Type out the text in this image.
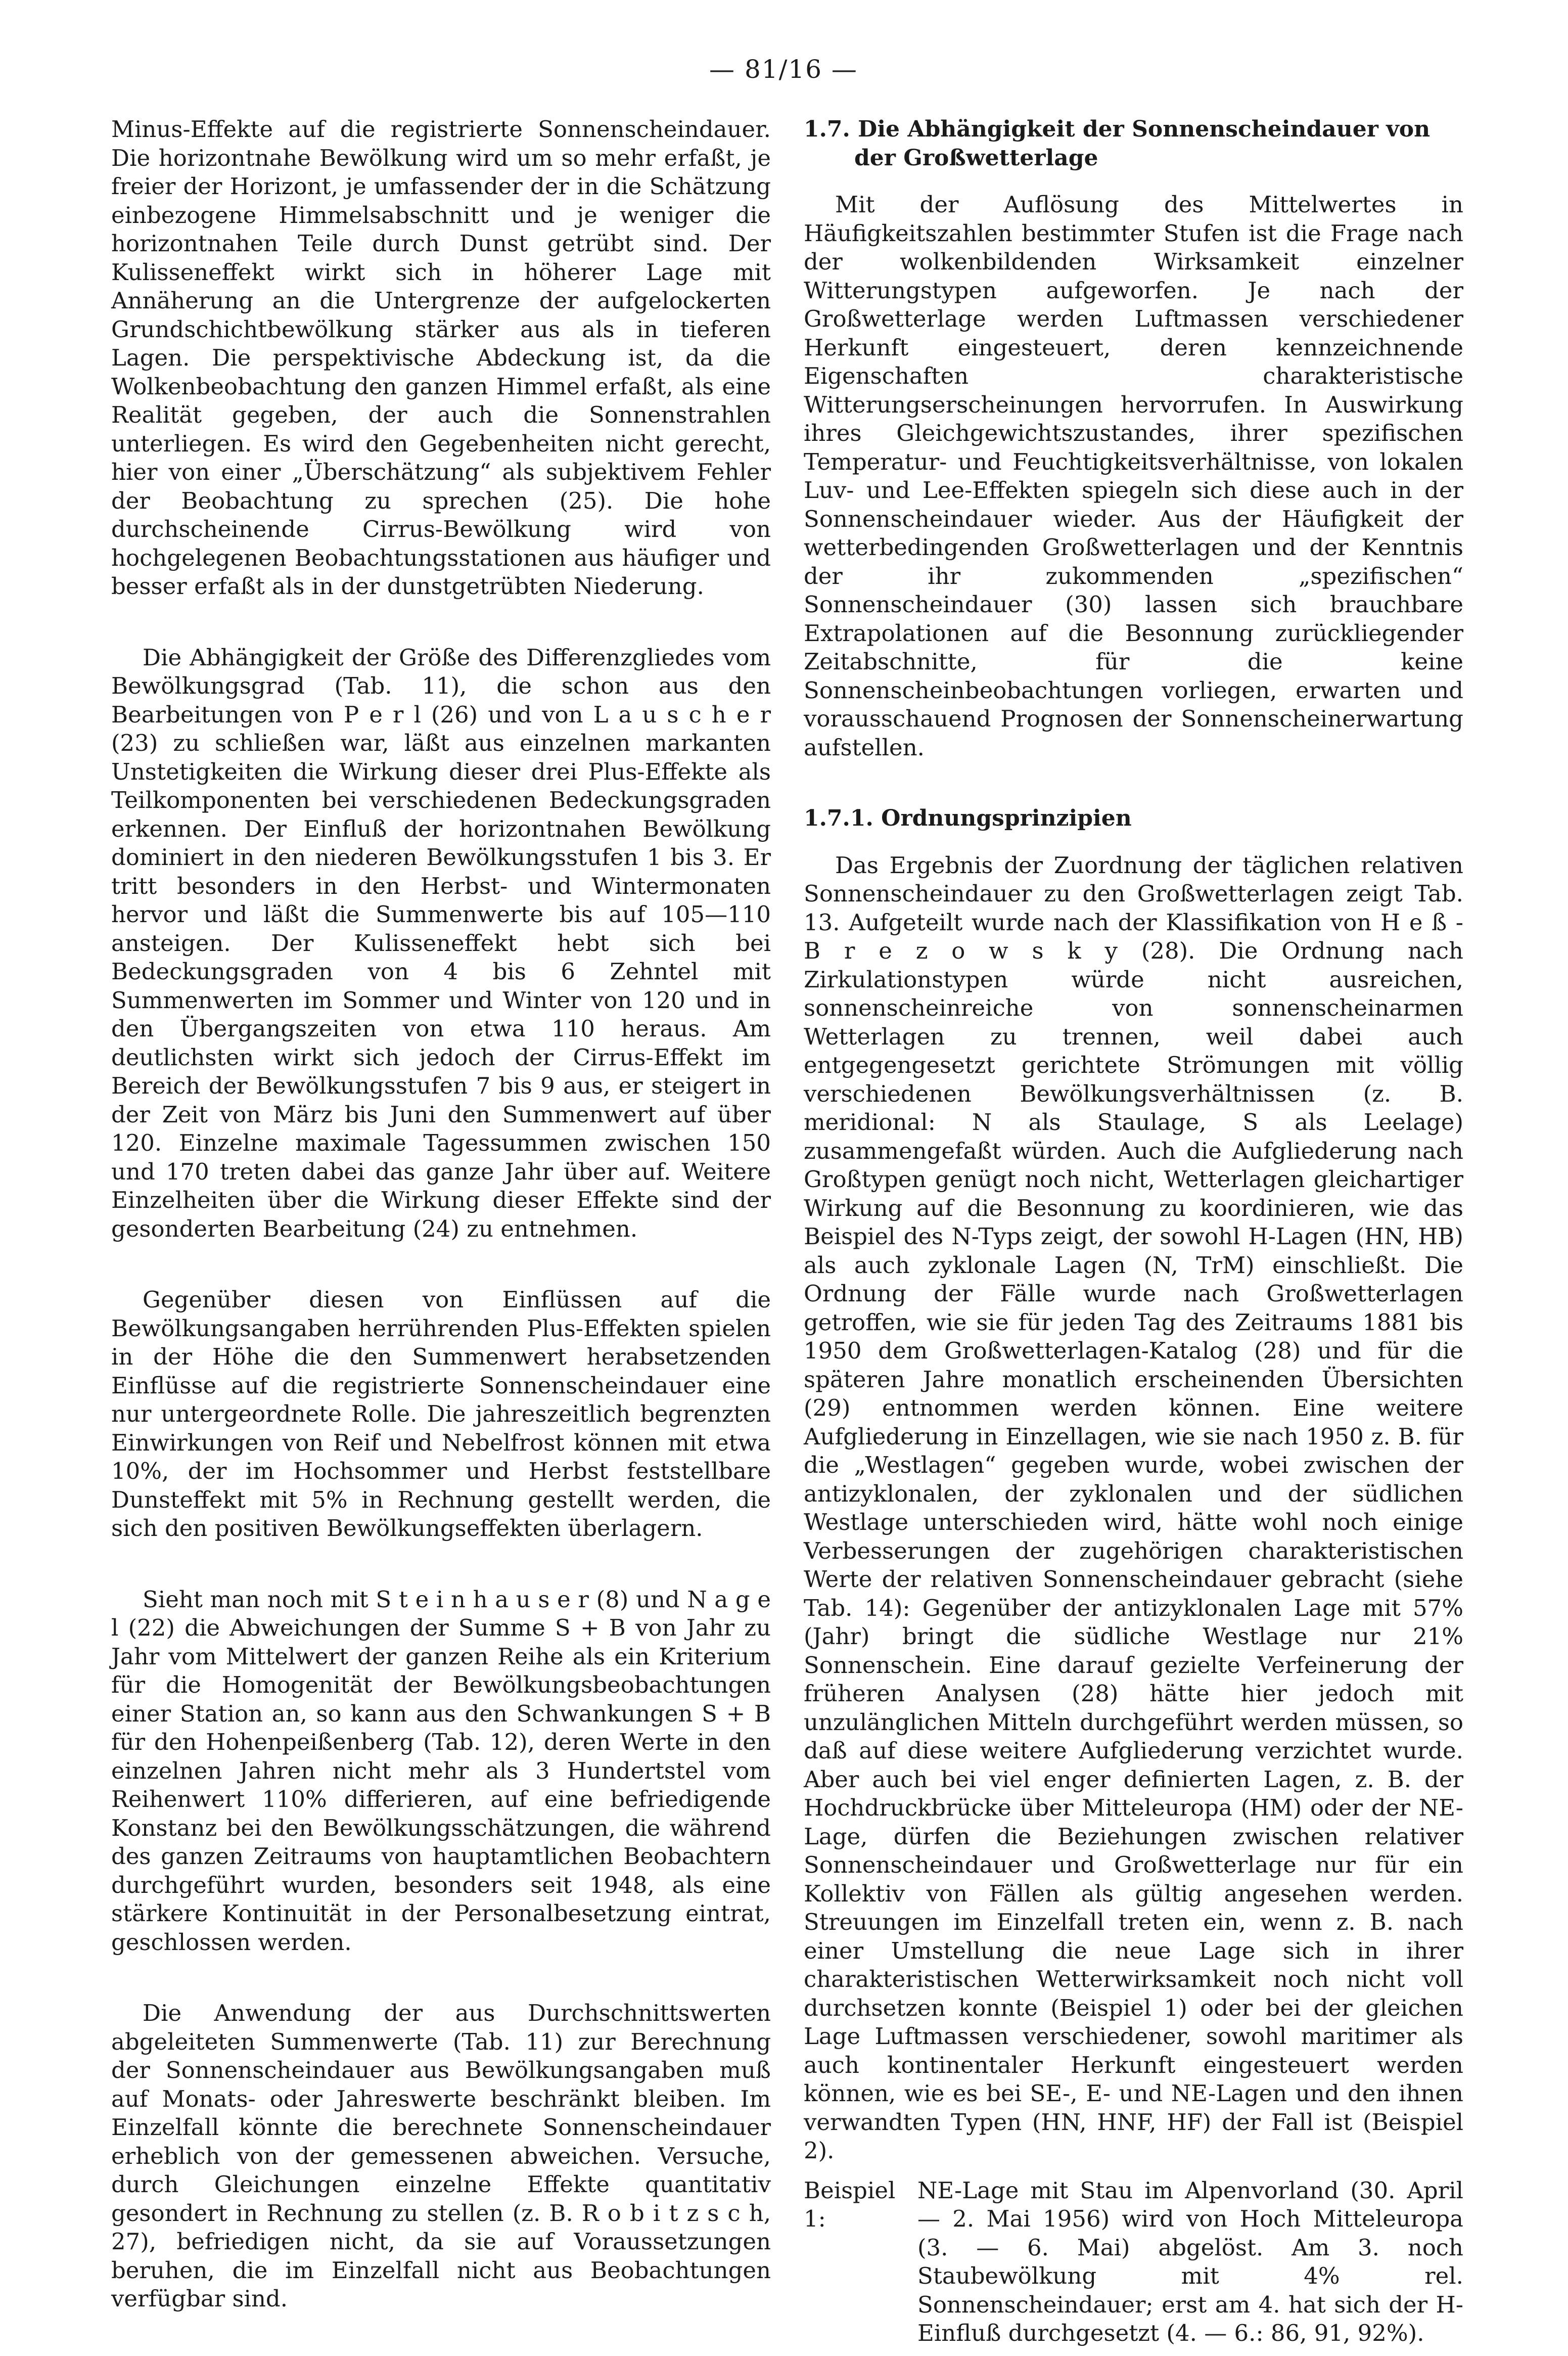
— 81/16 —

Minus-Effekte auf die registrierte Sonnenscheindauer. Die horizontnahe Bewölkung wird um so mehr erfaßt, je freier der Horizont, je umfassender der in die Schätzung einbezogene Himmelsabschnitt und je weniger die horizontnahen Teile durch Dunst getrübt sind. Der Kulisseneffekt wirkt sich in höherer Lage mit Annäherung an die Untergrenze der aufgelockerten Grundschichtbewölkung stärker aus als in tieferen Lagen. Die perspektivische Abdeckung ist, da die Wolkenbeobachtung den ganzen Himmel erfaßt, als eine Realität gegeben, der auch die Sonnenstrahlen unterliegen. Es wird den Gegebenheiten nicht gerecht, hier von einer „Überschätzung“ als subjektivem Fehler der Beobachtung zu sprechen (25). Die hohe durchscheinende Cirrus-Bewölkung wird von hochgelegenen Beobachtungsstationen aus häufiger und besser erfaßt als in der dunstgetrübten Niederung.

Die Abhängigkeit der Größe des Differenzgliedes vom Bewölkungsgrad (Tab. 11), die schon aus den Bearbeitungen von P e r l (26) und von L a u s c h e r (23) zu schließen war, läßt aus einzelnen markanten Unstetigkeiten die Wirkung dieser drei Plus-Effekte als Teilkomponenten bei verschiedenen Bedeckungsgraden erkennen. Der Einfluß der horizontnahen Bewölkung dominiert in den niederen Bewölkungsstufen 1 bis 3. Er tritt besonders in den Herbst- und Wintermonaten hervor und läßt die Summenwerte bis auf 105—110 ansteigen. Der Kulisseneffekt hebt sich bei Bedeckungsgraden von 4 bis 6 Zehntel mit Summenwerten im Sommer und Winter von 120 und in den Übergangszeiten von etwa 110 heraus. Am deutlichsten wirkt sich jedoch der Cirrus-Effekt im Bereich der Bewölkungsstufen 7 bis 9 aus, er steigert in der Zeit von März bis Juni den Summenwert auf über 120. Einzelne maximale Tagessummen zwischen 150 und 170 treten dabei das ganze Jahr über auf. Weitere Einzelheiten über die Wirkung dieser Effekte sind der gesonderten Bearbeitung (24) zu entnehmen.

Gegenüber diesen von Einflüssen auf die Bewölkungsangaben herrührenden Plus-Effekten spielen in der Höhe die den Summenwert herabsetzenden Einflüsse auf die registrierte Sonnenscheindauer eine nur untergeordnete Rolle. Die jahreszeitlich begrenzten Einwirkungen von Reif und Nebelfrost können mit etwa 10%, der im Hochsommer und Herbst feststellbare Dunsteffekt mit 5% in Rechnung gestellt werden, die sich den positiven Bewölkungseffekten überlagern.

Sieht man noch mit S t e i n h a u s e r (8) und N a g e l (22) die Abweichungen der Summe S + B von Jahr zu Jahr vom Mittelwert der ganzen Reihe als ein Kriterium für die Homogenität der Bewölkungsbeobachtungen einer Station an, so kann aus den Schwankungen S + B für den Hohenpeißenberg (Tab. 12), deren Werte in den einzelnen Jahren nicht mehr als 3 Hundertstel vom Reihenwert 110% differieren, auf eine befriedigende Konstanz bei den Bewölkungsschätzungen, die während des ganzen Zeitraums von hauptamtlichen Beobachtern durchgeführt wurden, besonders seit 1948, als eine stärkere Kontinuität in der Personalbesetzung eintrat, geschlossen werden.

Die Anwendung der aus Durchschnittswerten abgeleiteten Summenwerte (Tab. 11) zur Berechnung der Sonnenscheindauer aus Bewölkungsangaben muß auf Monats- oder Jahreswerte beschränkt bleiben. Im Einzelfall könnte die berechnete Sonnenscheindauer erheblich von der gemessenen abweichen. Versuche, durch Gleichungen einzelne Effekte quantitativ gesondert in Rechnung zu stellen (z. B. R o b i t z s c h, 27), befriedigen nicht, da sie auf Voraussetzungen beruhen, die im Einzelfall nicht aus Beobachtungen verfügbar sind.

1.7. Die Abhängigkeit der Sonnenscheindauer von der Großwetterlage

Mit der Auflösung des Mittelwertes in Häufigkeitszahlen bestimmter Stufen ist die Frage nach der wolkenbildenden Wirksamkeit einzelner Witterungstypen aufgeworfen. Je nach der Großwetterlage werden Luftmassen verschiedener Herkunft eingesteuert, deren kennzeichnende Eigenschaften charakteristische Witterungserscheinungen hervorrufen. In Auswirkung ihres Gleichgewichtszustandes, ihrer spezifischen Temperatur- und Feuchtigkeitsverhältnisse, von lokalen Luv- und Lee-Effekten spiegeln sich diese auch in der Sonnenscheindauer wieder. Aus der Häufigkeit der wetterbedingenden Großwetterlagen und der Kenntnis der ihr zukommenden „spezifischen“ Sonnenscheindauer (30) lassen sich brauchbare Extrapolationen auf die Besonnung zurückliegender Zeitabschnitte, für die keine Sonnenscheinbeobachtungen vorliegen, erwarten und vorausschauend Prognosen der Sonnenscheinerwartung aufstellen.

1.7.1. Ordnungsprinzipien

Das Ergebnis der Zuordnung der täglichen relativen Sonnenscheindauer zu den Großwetterlagen zeigt Tab. 13. Aufgeteilt wurde nach der Klassifikation von H e ß - B r e z o w s k y (28). Die Ordnung nach Zirkulationstypen würde nicht ausreichen, sonnenscheinreiche von sonnenscheinarmen Wetterlagen zu trennen, weil dabei auch entgegengesetzt gerichtete Strömungen mit völlig verschiedenen Bewölkungsverhältnissen (z. B. meridional: N als Staulage, S als Leelage) zusammengefaßt würden. Auch die Aufgliederung nach Großtypen genügt noch nicht, Wetterlagen gleichartiger Wirkung auf die Besonnung zu koordinieren, wie das Beispiel des N-Typs zeigt, der sowohl H-Lagen (HN, HB) als auch zyklonale Lagen (N, TrM) einschließt. Die Ordnung der Fälle wurde nach Großwetterlagen getroffen, wie sie für jeden Tag des Zeitraums 1881 bis 1950 dem Großwetterlagen-Katalog (28) und für die späteren Jahre monatlich erscheinenden Übersichten (29) entnommen werden können. Eine weitere Aufgliederung in Einzellagen, wie sie nach 1950 z. B. für die „Westlagen“ gegeben wurde, wobei zwischen der antizyklonalen, der zyklonalen und der südlichen Westlage unterschieden wird, hätte wohl noch einige Verbesserungen der zugehörigen charakteristischen Werte der relativen Sonnenscheindauer gebracht (siehe Tab. 14): Gegenüber der antizyklonalen Lage mit 57% (Jahr) bringt die südliche Westlage nur 21% Sonnenschein. Eine darauf gezielte Verfeinerung der früheren Analysen (28) hätte hier jedoch mit unzulänglichen Mitteln durchgeführt werden müssen, so daß auf diese weitere Aufgliederung verzichtet wurde. Aber auch bei viel enger definierten Lagen, z. B. der Hochdruckbrücke über Mitteleuropa (HM) oder der NE-Lage, dürfen die Beziehungen zwischen relativer Sonnenscheindauer und Großwetterlage nur für ein Kollektiv von Fällen als gültig angesehen werden. Streuungen im Einzelfall treten ein, wenn z. B. nach einer Umstellung die neue Lage sich in ihrer charakteristischen Wetterwirksamkeit noch nicht voll durchsetzen konnte (Beispiel 1) oder bei der gleichen Lage Luftmassen verschiedener, sowohl maritimer als auch kontinentaler Herkunft eingesteuert werden können, wie es bei SE-, E- und NE-Lagen und den ihnen verwandten Typen (HN, HNF, HF) der Fall ist (Beispiel 2).

Beispiel 1:
NE-Lage mit Stau im Alpenvorland (30. April — 2. Mai 1956) wird von Hoch Mitteleuropa (3. — 6. Mai) abgelöst. Am 3. noch Staubewölkung mit 4% rel. Sonnenscheindauer; erst am 4. hat sich der H-Einfluß durchgesetzt (4. — 6.: 86, 91, 92%).
